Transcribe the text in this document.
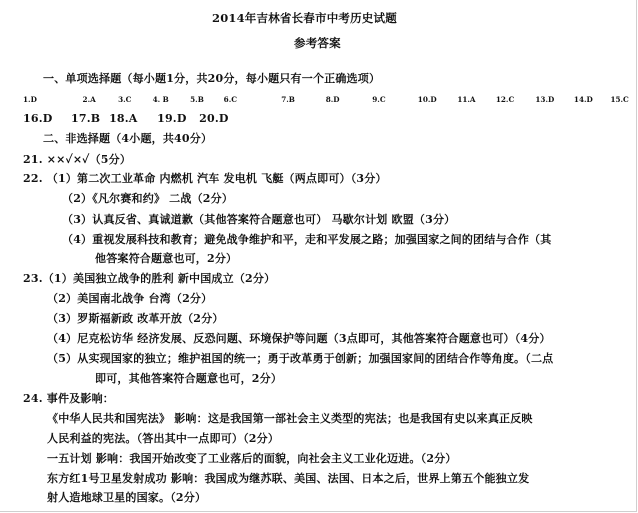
2014年吉林省长春市中考历史试题
参考答案
一、单项选择题（每小题1分，共20分，每小题只有一个正确选项）
1.D	2.A	3.C	4. B	5.B	6.C	7.B	8.D	9.C	10.D	11.A	12.C	13.D	14.D 15.C
16.D 17.B 18.A 19.D 20.D
二、非选择题（4小题，共40分）
21. ××✓×✓（5分）
22. （1）第二次工业革命 内燃机 汽车 发电机 飞艇（两点即可）（3分）
（2）《凡尔赛和约》 二战（2分）
（3）认真反省、真诚道歉（其他答案符合题意也可） 马歇尔计划 欧盟（3分）
（4）重视发展科技和教育；避免战争维护和平，走和平发展之路；加强国家之间的团结与合作（其
他答案符合题意也可，2分）
23.（1）美国独立战争的胜利 新中国成立（2分）
（2）美国南北战争 台湾（2分）
（3）罗斯福新政 改革开放（2分）
（4）尼克松访华 经济发展、反恐问题、环境保护等问题（3点即可，其他答案符合题意也可）（4分）
（5）从实现国家的独立；维护祖国的统一；勇于改革勇于创新；加强国家间的团结合作等角度。（二点
即可，其他答案符合题意也可，2分）
24. 事件及影响：
《中华人民共和国宪法》 影响：这是我国第一部社会主义类型的宪法；也是我国有史以来真正反映
人民利益的宪法。（答出其中一点即可）（2分）
一五计划 影响：我国开始改变了工业落后的面貌，向社会主义工业化迈进。（2分）
东方红1号卫星发射成功 影响：我国成为继苏联、美国、法国、日本之后，世界上第五个能独立发
射人造地球卫星的国家。（2分）
